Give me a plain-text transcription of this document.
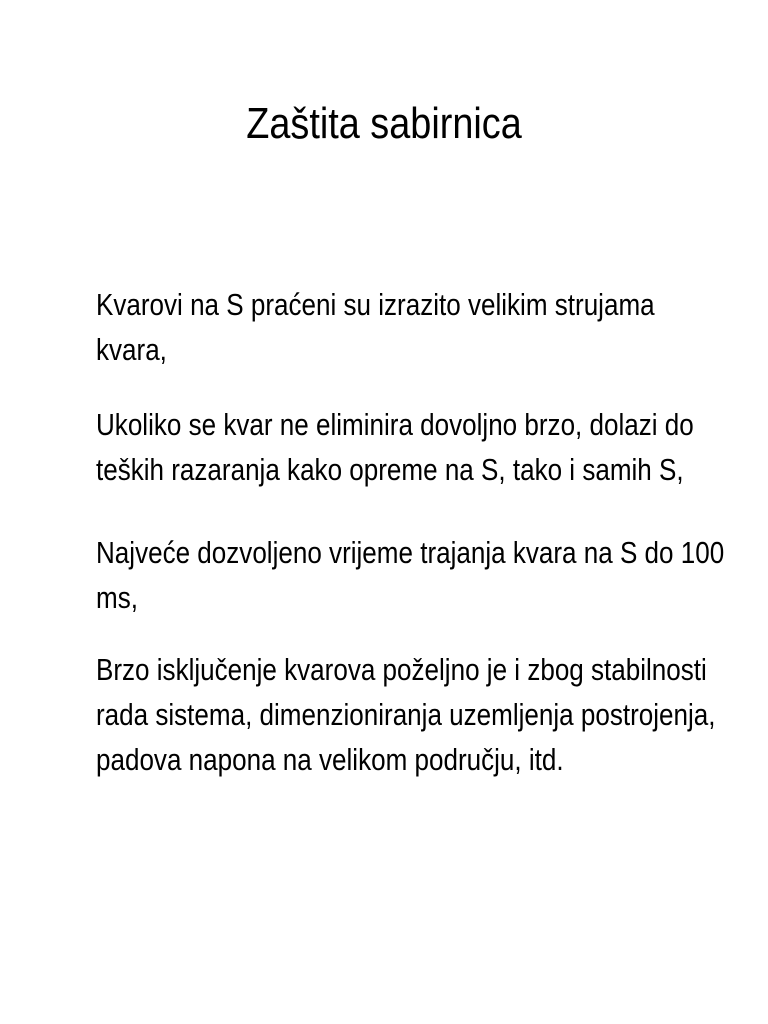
Zaštita sabirnica
Kvarovi na S praćeni su izrazito velikim strujama
kvara,
Ukoliko se kvar ne eliminira dovoljno brzo, dolazi do
teških razaranja kako opreme na S, tako i samih S,
Najveće dozvoljeno vrijeme trajanja kvara na S do 100
ms,
Brzo isključenje kvarova poželjno je i zbog stabilnosti
rada sistema, dimenzioniranja uzemljenja postrojenja,
padova napona na velikom području, itd.
